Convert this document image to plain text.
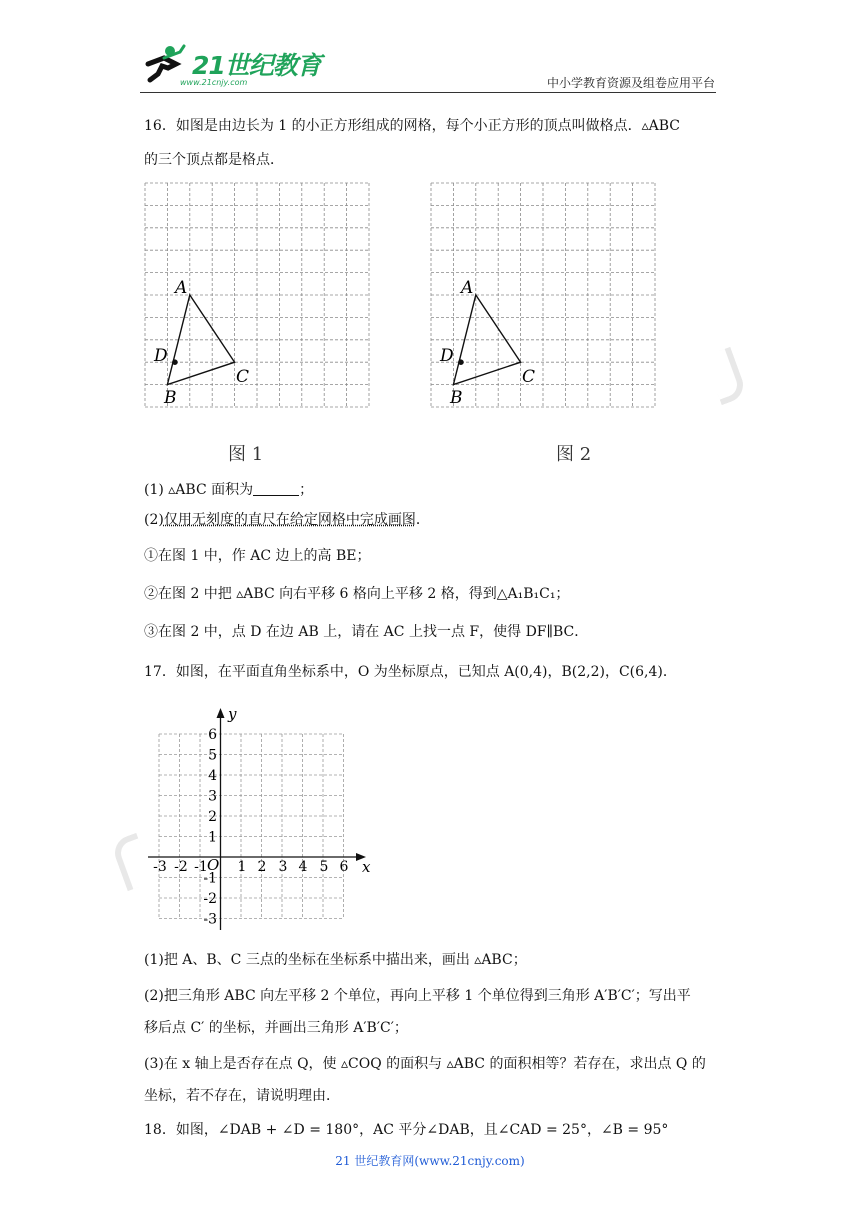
21世纪教育
www.21cnjy.com	中小学教育资源及组卷应用平台
16．如图是由边长为 1 的小正方形组成的网格，每个小正方形的顶点叫做格点．▵ABC
的三个顶点都是格点．
A
D
C
B
A
D
C
B
图 1	图 2
(1) ▵ABC 面积为	；
(2)仅用无刻度的直尺在给定网格中完成画图．
①在图 1 中，作 AC 边上的高 BE；
②在图 2 中把 ▵ABC 向右平移 6 格向上平移 2 格，得到△A₁B₁C₁；
③在图 2 中，点 D 在边 AB 上，请在 AC 上找一点 F，使得 DF∥BC．
17．如图，在平面直角坐标系中，O 为坐标原点，已知点 A(0,4)，B(2,2)，C(6,4)．
x
y
O
-3 -2 -1 1 2 3 4 5 6
6
5
4
3
2
1
-1
-2
-3
(1)把 A、B、C 三点的坐标在坐标系中描出来，画出 ▵ABC；
(2)把三角形 ABC 向左平移 2 个单位，再向上平移 1 个单位得到三角形 A′B′C′；写出平
移后点 C′ 的坐标，并画出三角形 A′B′C′；
(3)在 x 轴上是否存在点 Q，使 ▵COQ 的面积与 ▵ABC 的面积相等？若存在，求出点 Q 的
坐标，若不存在，请说明理由．
18．如图，∠DAB + ∠D = 180°，AC 平分∠DAB，且∠CAD = 25°，∠B = 95°
21 世纪教育网(www.21cnjy.com)
